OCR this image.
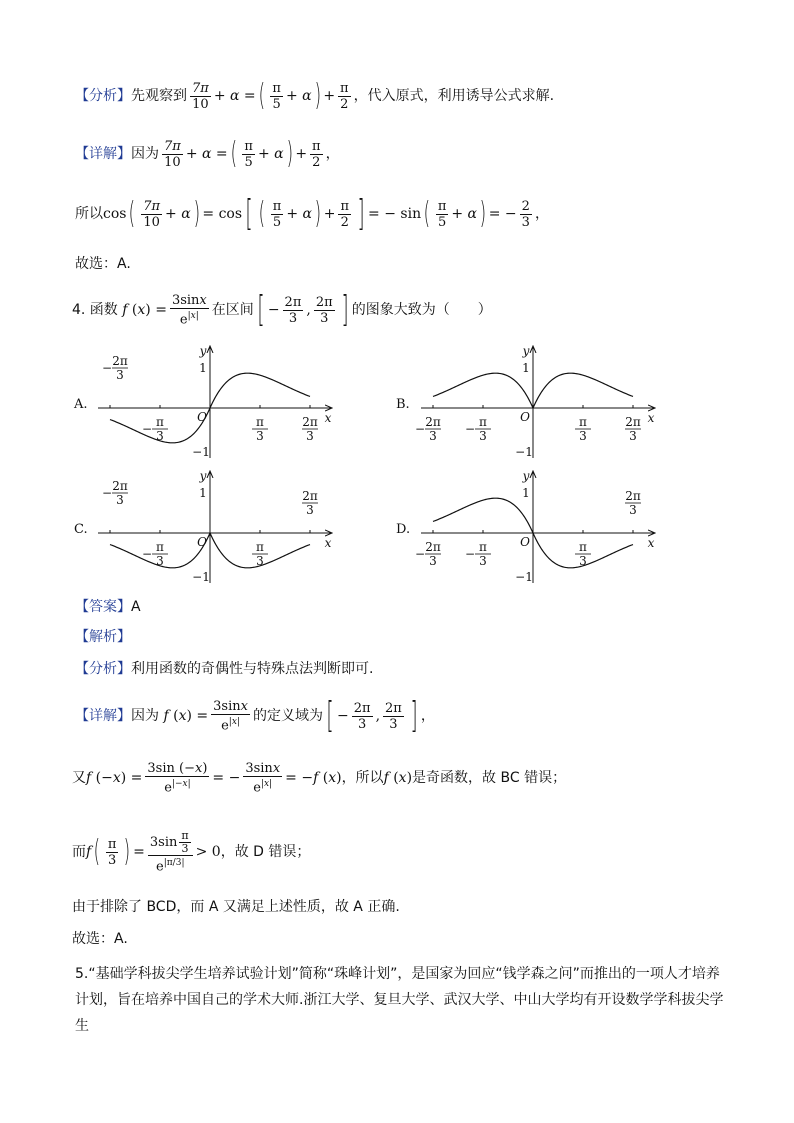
【分析】 先观察到 $\frac{7\pi}{10} + \alpha$ = ( $\frac{\pi}{5} + \alpha$ ) + $\frac{\pi}{2}$ ，代入原式，利用诱导公式求解.
【详解】 因为 $\frac{7\pi}{10} + \alpha$ = ( $\frac{\pi}{5} + \alpha$ ) + $\frac{\pi}{2}$ ，
所以 cos ( $\frac{7\pi}{10} + \alpha$ ) = cos [ ( $\frac{\pi}{5} + \alpha$ ) + $\frac{\pi}{2}$ ] = − sin ( $\frac{\pi}{5} + \alpha$ ) = − $\frac{2}{3}$ ，
故选：A.
4. 函数 f $(x) = \frac{3\sin x}{e^{|x|}}$ 在区间 [ − $\frac{2\pi}{3}$ , $\frac{2\pi}{3}$ ] 的图象大致为（　　）
A.	B.
C.	D.
y
x
O
1
−1
π
3
−	π
3
2π
3
−
2π
3
y
x
O
1
−1
π
3
−	π
3
2π
3
−	2π
3
y
x
O
1
−1
π
3
−	π
3
2π
3
−	2π
3
y
x
O
1
−1
π
3
−	π
3
2π
3
−
2π
3
【答案】 A
【解析】
【分析】 利用函数的奇偶性与特殊点法判断即可.
【详解】 因为 f $(x) = \frac{3\sin x}{e^{|x|}}$ 的定义域为 [ − $\frac{2\pi}{3}$ , $\frac{2\pi}{3}$ ] ，
又 f $(-x) = \frac{3\sin (-x)}{e^{|-x|}}$ = − $\frac{3\sin x}{e^{|x|}} = -f$ (x) ，所以 f (x) 是奇函数，故 BC 错误；
而 f ( $\frac{\pi}{3}$ ) = $\frac{3\sin \frac{\pi}{3}}{e^{|\pi/3|}} > 0$ ，故 D 错误；
由于排除了 BCD，而 A 又满足上述性质，故 A 正确.
故选：A.
5.“基础学科拔尖学生培养试验计划”简称“珠峰计划”，是国家为回应“钱学森之问”而推出的一项人才培养计划，旨在培养中国自己的学术大师.浙江大学、复旦大学、武汉大学、中山大学均有开设数学学科拔尖学生
